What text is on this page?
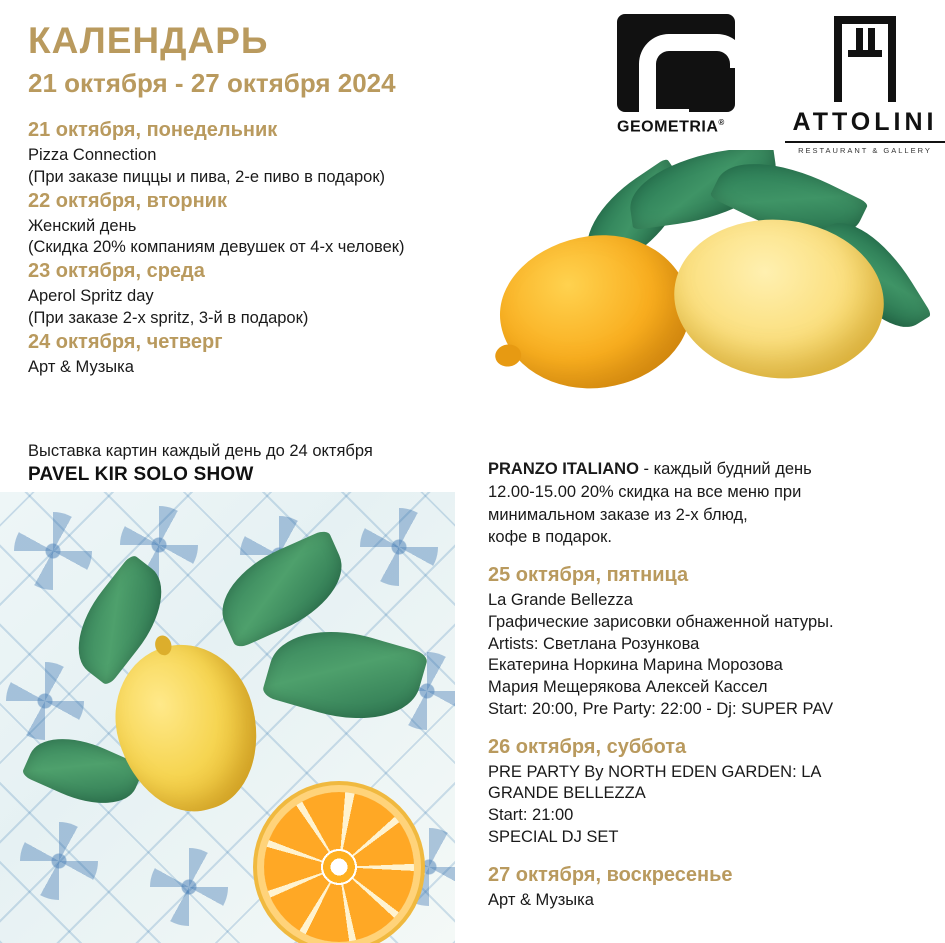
КАЛЕНДАРЬ
21 октября - 27 октября 2024
21 октября, понедельник
Pizza Connection
(При заказе пиццы и пива, 2-е пиво в подарок)
22 октября, вторник
Женский день
(Скидка 20% компаниям девушек от 4-х человек)
23 октября, среда
Aperol Spritz day
(При заказе 2-х spritz, 3-й в подарок)
24 октября, четверг
Арт & Музыка
Выставка картин каждый день до 24 октября
PAVEL KIR SOLO SHOW
GEOMETRIA®	ATTOLINI
RESTAURANT & GALLERY
PRANZO ITALIANO - каждый будний день
12.00-15.00 20% скидка на все меню при
минимальном заказе из 2-х блюд,
кофе в подарок.
25 октября, пятница
La Grande Bellezza
Графические зарисовки обнаженной натуры.
Artists: Светлана Розункова
Екатерина Норкина Марина Морозова
Мария Мещерякова Алексей Кассел
Start: 20:00, Pre Party: 22:00 - Dj: SUPER PAV
26 октября, суббота
PRE PARTY By NORTH EDEN GARDEN: LA
GRANDE BELLEZZA
Start: 21:00
SPECIAL DJ SET
27 октября, воскресенье
Арт & Музыка
